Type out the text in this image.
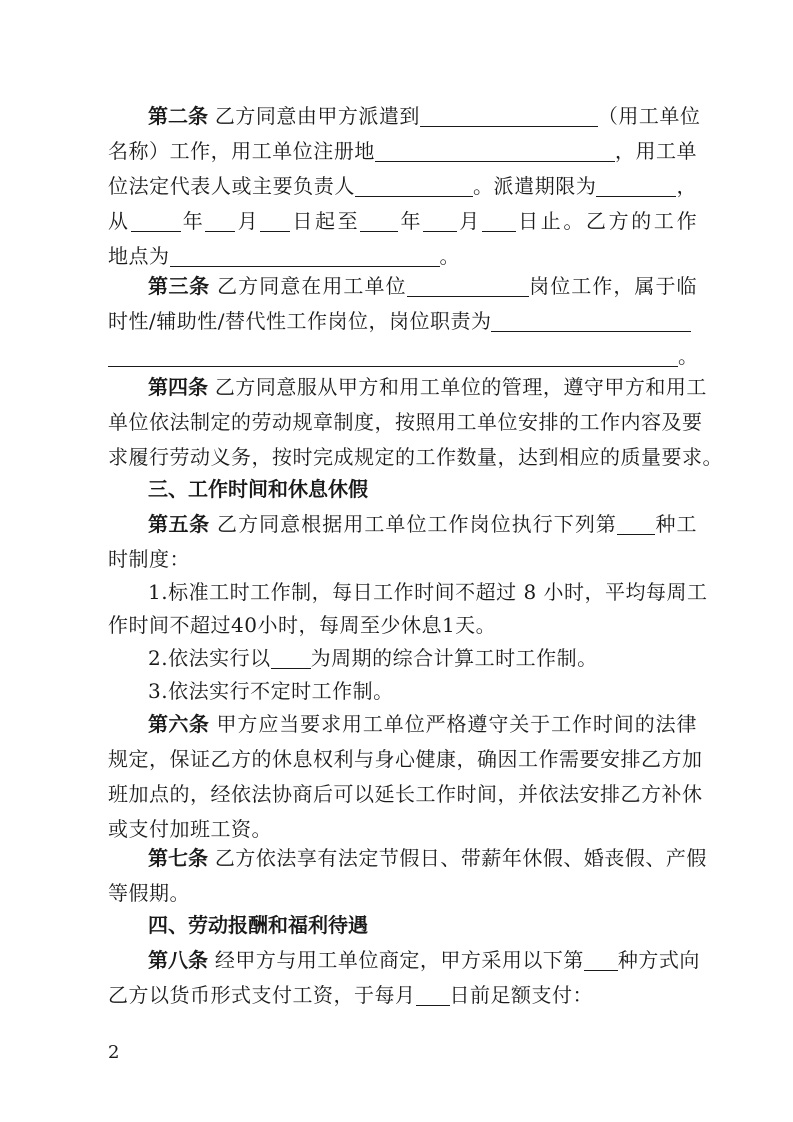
第二条 乙方同意由甲方派遣到	（用工单位
名称）工作，用工单位注册地	，用工单
位法定代表人或主要负责人	。派遣期限为	，
从	年 月 日起至 年 月 日止。乙方的工作
地点为	。
第三条 乙方同意在用工单位	岗位工作，属于临
时性/辅助性/替代性工作岗位，岗位职责为
。
第四条 乙方同意服从甲方和用工单位的管理，遵守甲方和用工
单位依法制定的劳动规章制度，按照用工单位安排的工作内容及要
求履行劳动义务，按时完成规定的工作数量，达到相应的质量要求。
三、工作时间和休息休假
第五条 乙方同意根据用工单位工作岗位执行下列第 种工
时制度：
1.标准工时工作制，每日工作时间不超过 8 小时，平均每周工
作时间不超过40小时，每周至少休息1天。
2.依法实行以 为周期的综合计算工时工作制。
3.依法实行不定时工作制。
第六条 甲方应当要求用工单位严格遵守关于工作时间的法律
规定，保证乙方的休息权利与身心健康，确因工作需要安排乙方加
班加点的，经依法协商后可以延长工作时间，并依法安排乙方补休
或支付加班工资。
第七条 乙方依法享有法定节假日、带薪年休假、婚丧假、产假
等假期。
四、劳动报酬和福利待遇
第八条 经甲方与用工单位商定，甲方采用以下第 种方式向
乙方以货币形式支付工资，于每月 日前足额支付：
2
